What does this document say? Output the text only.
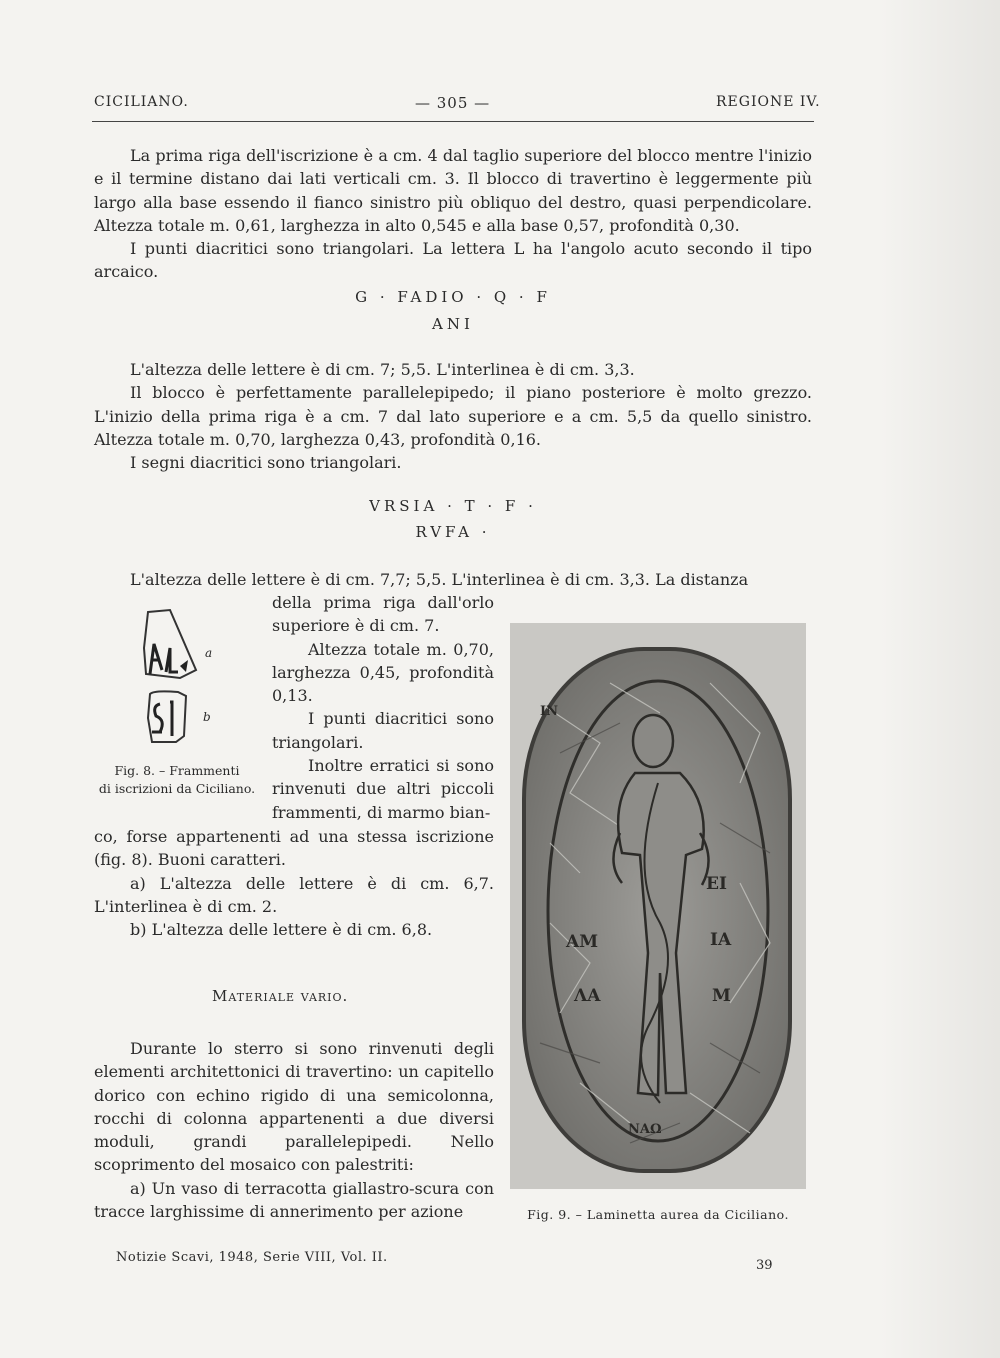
CICILIANO.	— 305 —	REGIONE IV.

La prima riga dell'iscrizione è a cm. 4 dal taglio superiore del blocco mentre l'inizio e il termine distano dai lati verticali cm. 3. Il blocco di travertino è leggermente più largo alla base essendo il fianco sinistro più obliquo del destro, quasi perpendicolare. Altezza totale m. 0,61, larghezza in alto 0,545 e alla base 0,57, profondità 0,30.

I punti diacritici sono triangolari. La lettera L ha l'angolo acuto secondo il tipo arcaico.

G · FADIO · Q · F
ANI

L'altezza delle lettere è di cm. 7; 5,5. L'interlinea è di cm. 3,3.

Il blocco è perfettamente parallelepipedo; il piano posteriore è molto grezzo. L'inizio della prima riga è a cm. 7 dal lato superiore e a cm. 5,5 da quello sinistro. Altezza totale m. 0,70, larghezza 0,43, profondità 0,16.

I segni diacritici sono triangolari.

VRSIA · T · F ·
RVFA ·
L'altezza delle lettere è di cm. 7,7; 5,5. L'interlinea è di cm. 3,3. La distanza
a
b
Fig. 8. – Frammenti
di iscrizioni da Ciciliano.

della prima riga dall'orlo superiore è di cm. 7.

Altezza totale m. 0,70, larghezza 0,45, profondità 0,13.

I punti diacritici sono triangolari.

Inoltre erratici si sono rinvenuti due altri piccoli frammenti, di marmo bian-

co, forse appartenenti ad una stessa iscrizione (fig. 8). Buoni caratteri.

a) L'altezza delle lettere è di cm. 6,7. L'interlinea è di cm. 2.

b) L'altezza delle lettere è di cm. 6,8.

Materiale vario.

Durante lo sterro si sono rinvenuti degli elementi architettonici di travertino: un capitello dorico con echino rigido di una semicolonna, rocchi di colonna appartenenti a due diversi moduli, grandi parallelepipedi. Nello scoprimento del mosaico con palestriti:

a) Un vaso di terracotta giallastro-scura con tracce larghissime di annerimento per azione

ΕΙ
ΙΑ
Μ
ΑΜ
ΛΑ
ΙΝ
ΝΑΩ
Fig. 9. – Laminetta aurea da Ciciliano.
Notizie Scavi, 1948, Serie VIII, Vol. II.
39
